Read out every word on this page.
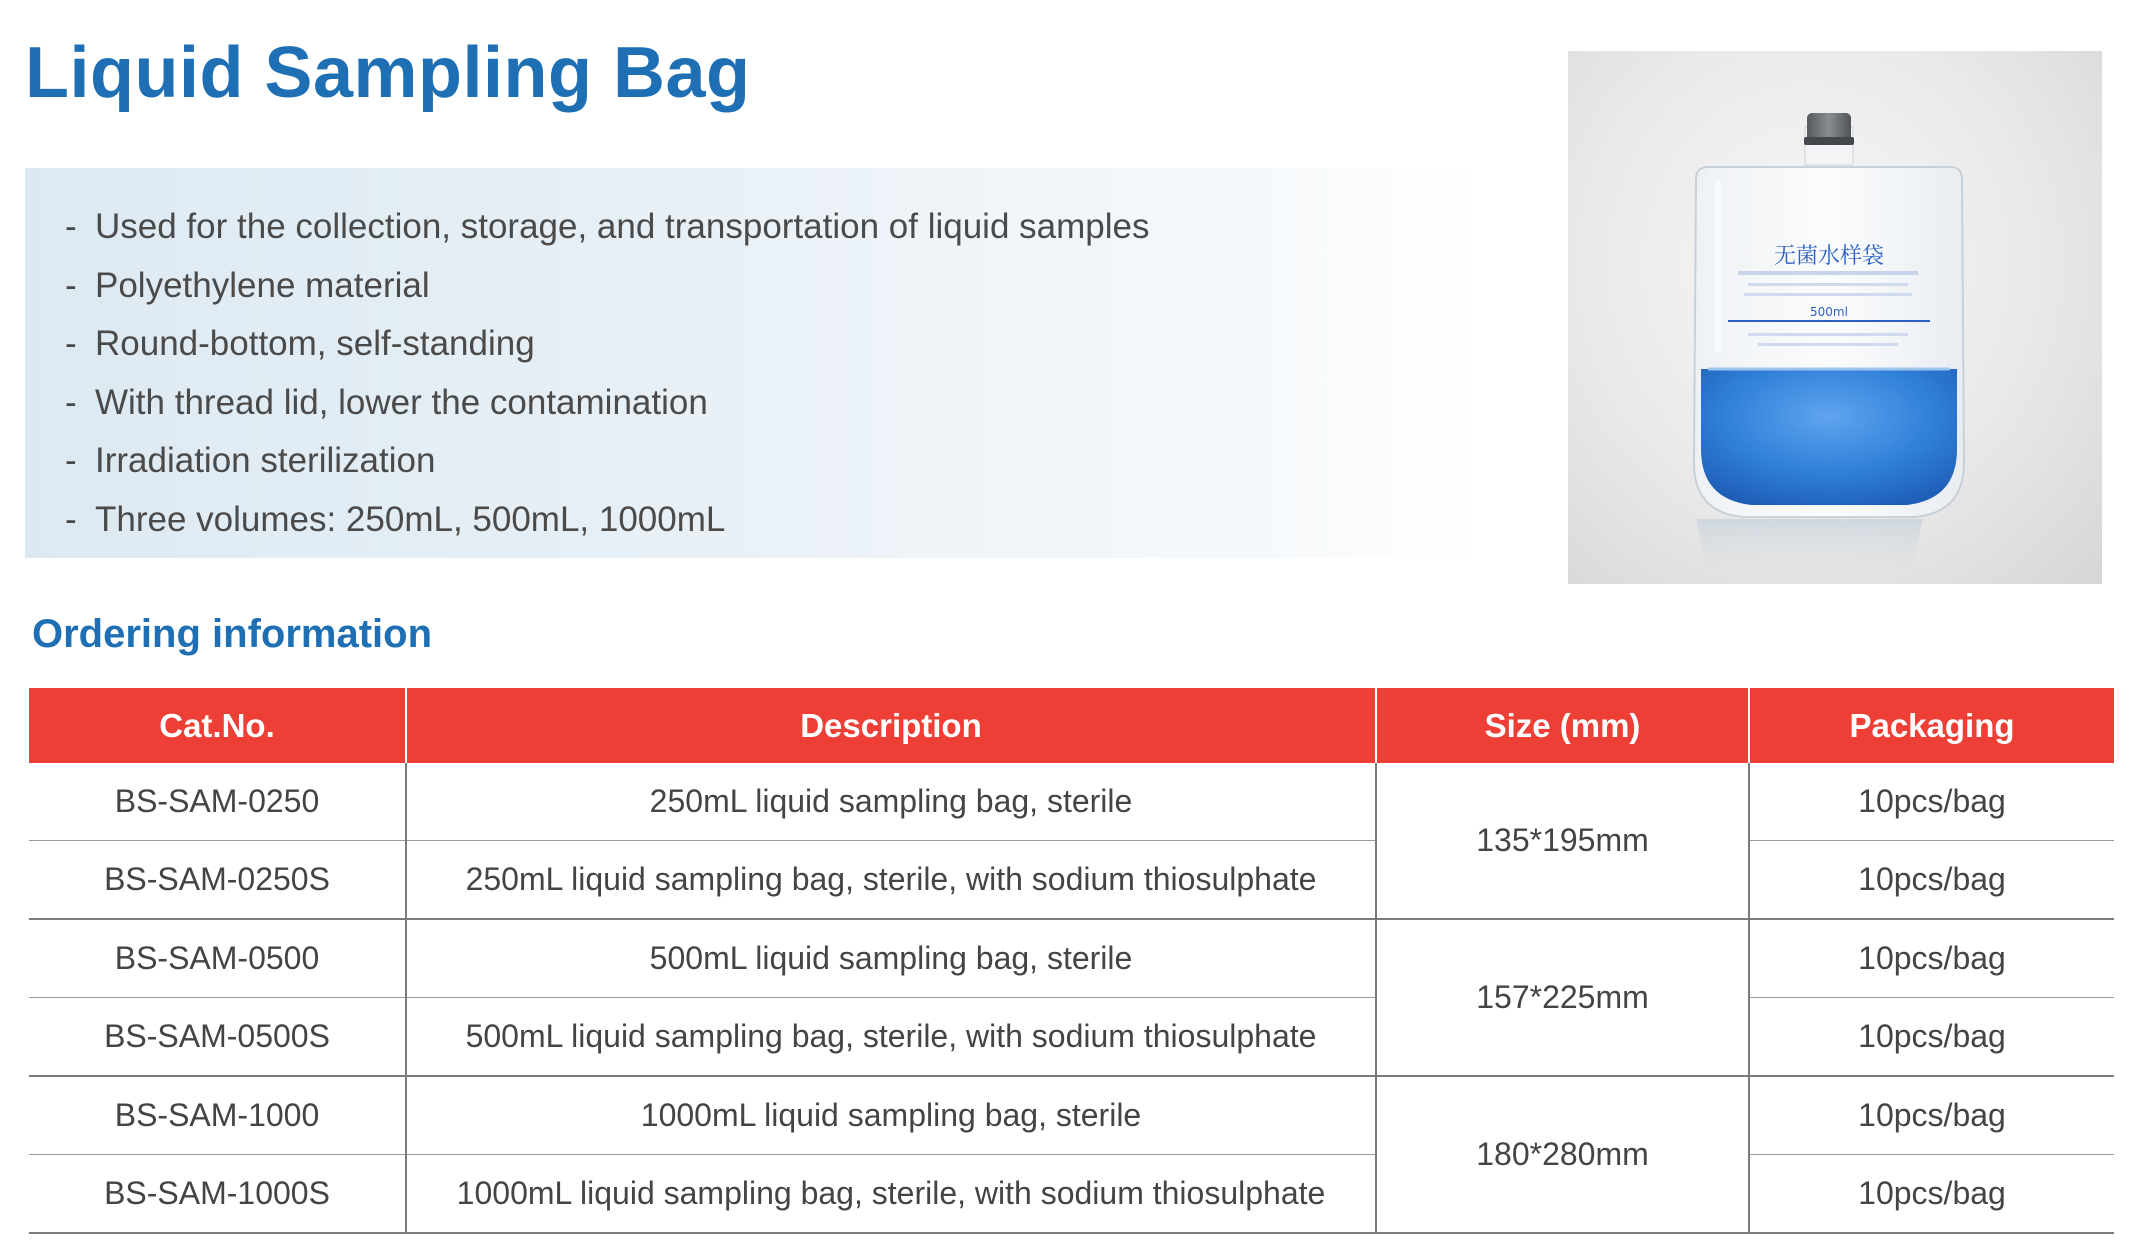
Liquid Sampling Bag
- Used for the collection, storage, and transportation of liquid samples
- Polyethylene material
- Round-bottom, self-standing
- With thread lid, lower the contamination
- Irradiation sterilization
- Three volumes: 250mL, 500mL, 1000mL
无菌水样袋
500ml
Ordering information
Cat.No.	Description	Size (mm)	Packaging
BS-SAM-0250	250mL liquid sampling bag, sterile	135*195mm	10pcs/bag
BS-SAM-0250S	250mL liquid sampling bag, sterile, with sodium thiosulphate		10pcs/bag
BS-SAM-0500	500mL liquid sampling bag, sterile	157*225mm	10pcs/bag
BS-SAM-0500S	500mL liquid sampling bag, sterile, with sodium thiosulphate		10pcs/bag
BS-SAM-1000	1000mL liquid sampling bag, sterile	180*280mm	10pcs/bag
BS-SAM-1000S	1000mL liquid sampling bag, sterile, with sodium thiosulphate		10pcs/bag
